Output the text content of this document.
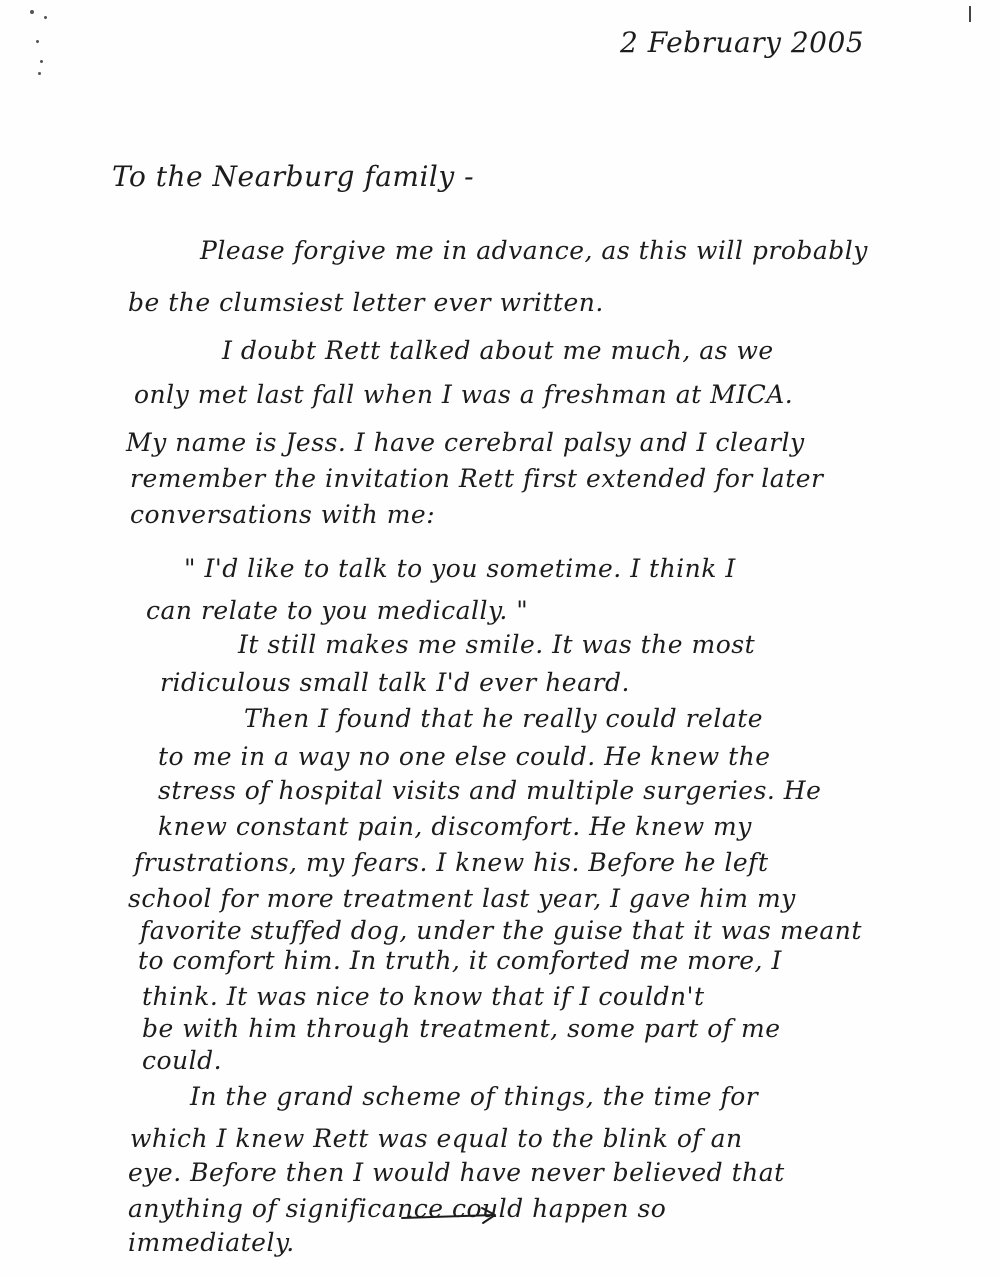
2 February 2005
To the Nearburg family -
Please forgive me in advance, as this will probably
be the clumsiest letter ever written.
I doubt Rett talked about me much, as we
only met last fall when I was a freshman at MICA.
My name is Jess. I have cerebral palsy and I clearly
remember the invitation Rett first extended for later
conversations with me:
" I'd like to talk to you sometime. I think I
can relate to you medically. "
It still makes me smile. It was the most
ridiculous small talk I'd ever heard.
Then I found that he really could relate
to me in a way no one else could. He knew the
stress of hospital visits and multiple surgeries. He
knew constant pain, discomfort. He knew my
frustrations, my fears. I knew his. Before he left
school for more treatment last year, I gave him my
favorite stuffed dog, under the guise that it was meant
to comfort him. In truth, it comforted me more, I
think. It was nice to know that if I couldn't
be with him through treatment, some part of me
could.
In the grand scheme of things, the time for
which I knew Rett was equal to the blink of an
eye. Before then I would have never believed that
anything of significance could happen so
immediately.
